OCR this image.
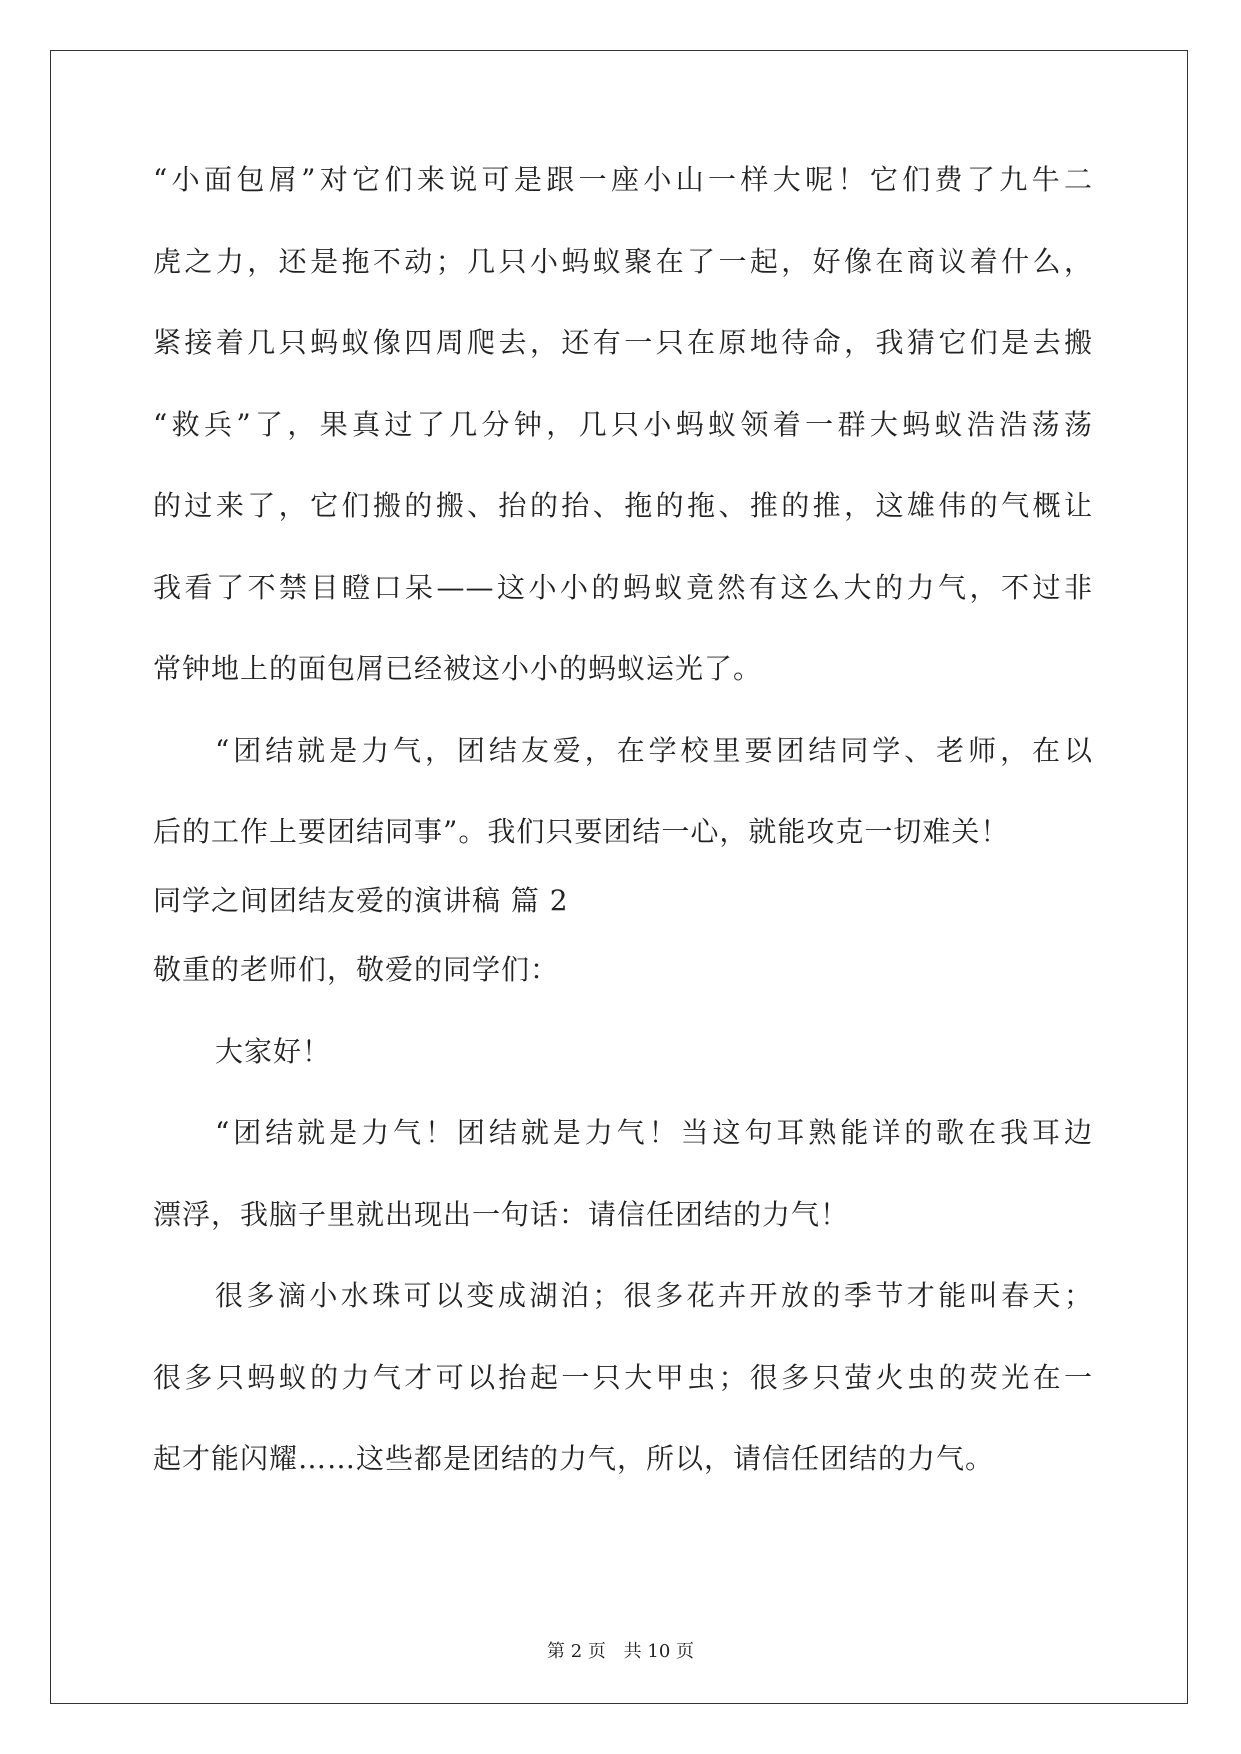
“小面包屑”对它们来说可是跟一座小山一样大呢！它们费了九牛二
虎之力，还是拖不动；几只小蚂蚁聚在了一起，好像在商议着什么，
紧接着几只蚂蚁像四周爬去，还有一只在原地待命，我猜它们是去搬
“救兵”了，果真过了几分钟，几只小蚂蚁领着一群大蚂蚁浩浩荡荡
的过来了，它们搬的搬、抬的抬、拖的拖、推的推，这雄伟的气概让
我看了不禁目瞪口呆——这小小的蚂蚁竟然有这么大的力气，不过非
常钟地上的面包屑已经被这小小的蚂蚁运光了。
“团结就是力气，团结友爱，在学校里要团结同学、老师，在以
后的工作上要团结同事”。我们只要团结一心，就能攻克一切难关！
同学之间团结友爱的演讲稿 篇 2
敬重的老师们，敬爱的同学们：
大家好！
“团结就是力气！团结就是力气！当这句耳熟能详的歌在我耳边
漂浮，我脑子里就出现出一句话：请信任团结的力气！
很多滴小水珠可以变成湖泊；很多花卉开放的季节才能叫春天；
很多只蚂蚁的力气才可以抬起一只大甲虫；很多只萤火虫的荧光在一
起才能闪耀……这些都是团结的力气，所以，请信任团结的力气。
第 2 页 共 10 页
